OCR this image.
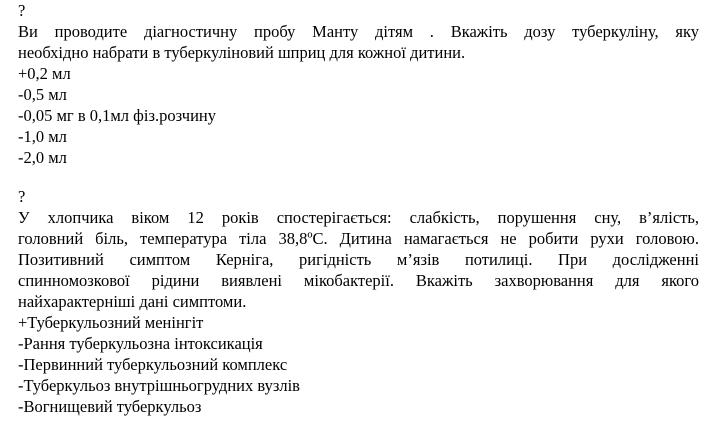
?
Ви проводите діагностичну пробу Манту дітям . Вкажіть дозу туберкуліну, яку
необхідно набрати в туберкуліновий шприц для кожної дитини.
+0,2 мл
-0,5 мл
-0,05 мг в 0,1мл фіз.розчину
-1,0 мл
-2,0 мл
?
У хлопчика віком 12 років спостерігається: слабкість, порушення сну, в’ялість,
головний біль, температура тіла 38,8ºС. Дитина намагається не робити рухи головою.
Позитивний симптом Керніга, ригідність м’язів потилиці. При дослідженні
спинномозкової рідини виявлені мікобактерії. Вкажіть захворювання для якого
найхарактерніші дані симптоми.
+Туберкульозний менінгіт
-Рання туберкульозна інтоксикація
-Первинний туберкульозний комплекс
-Туберкульоз внутрішньогрудних вузлів
-Вогнищевий туберкульоз
